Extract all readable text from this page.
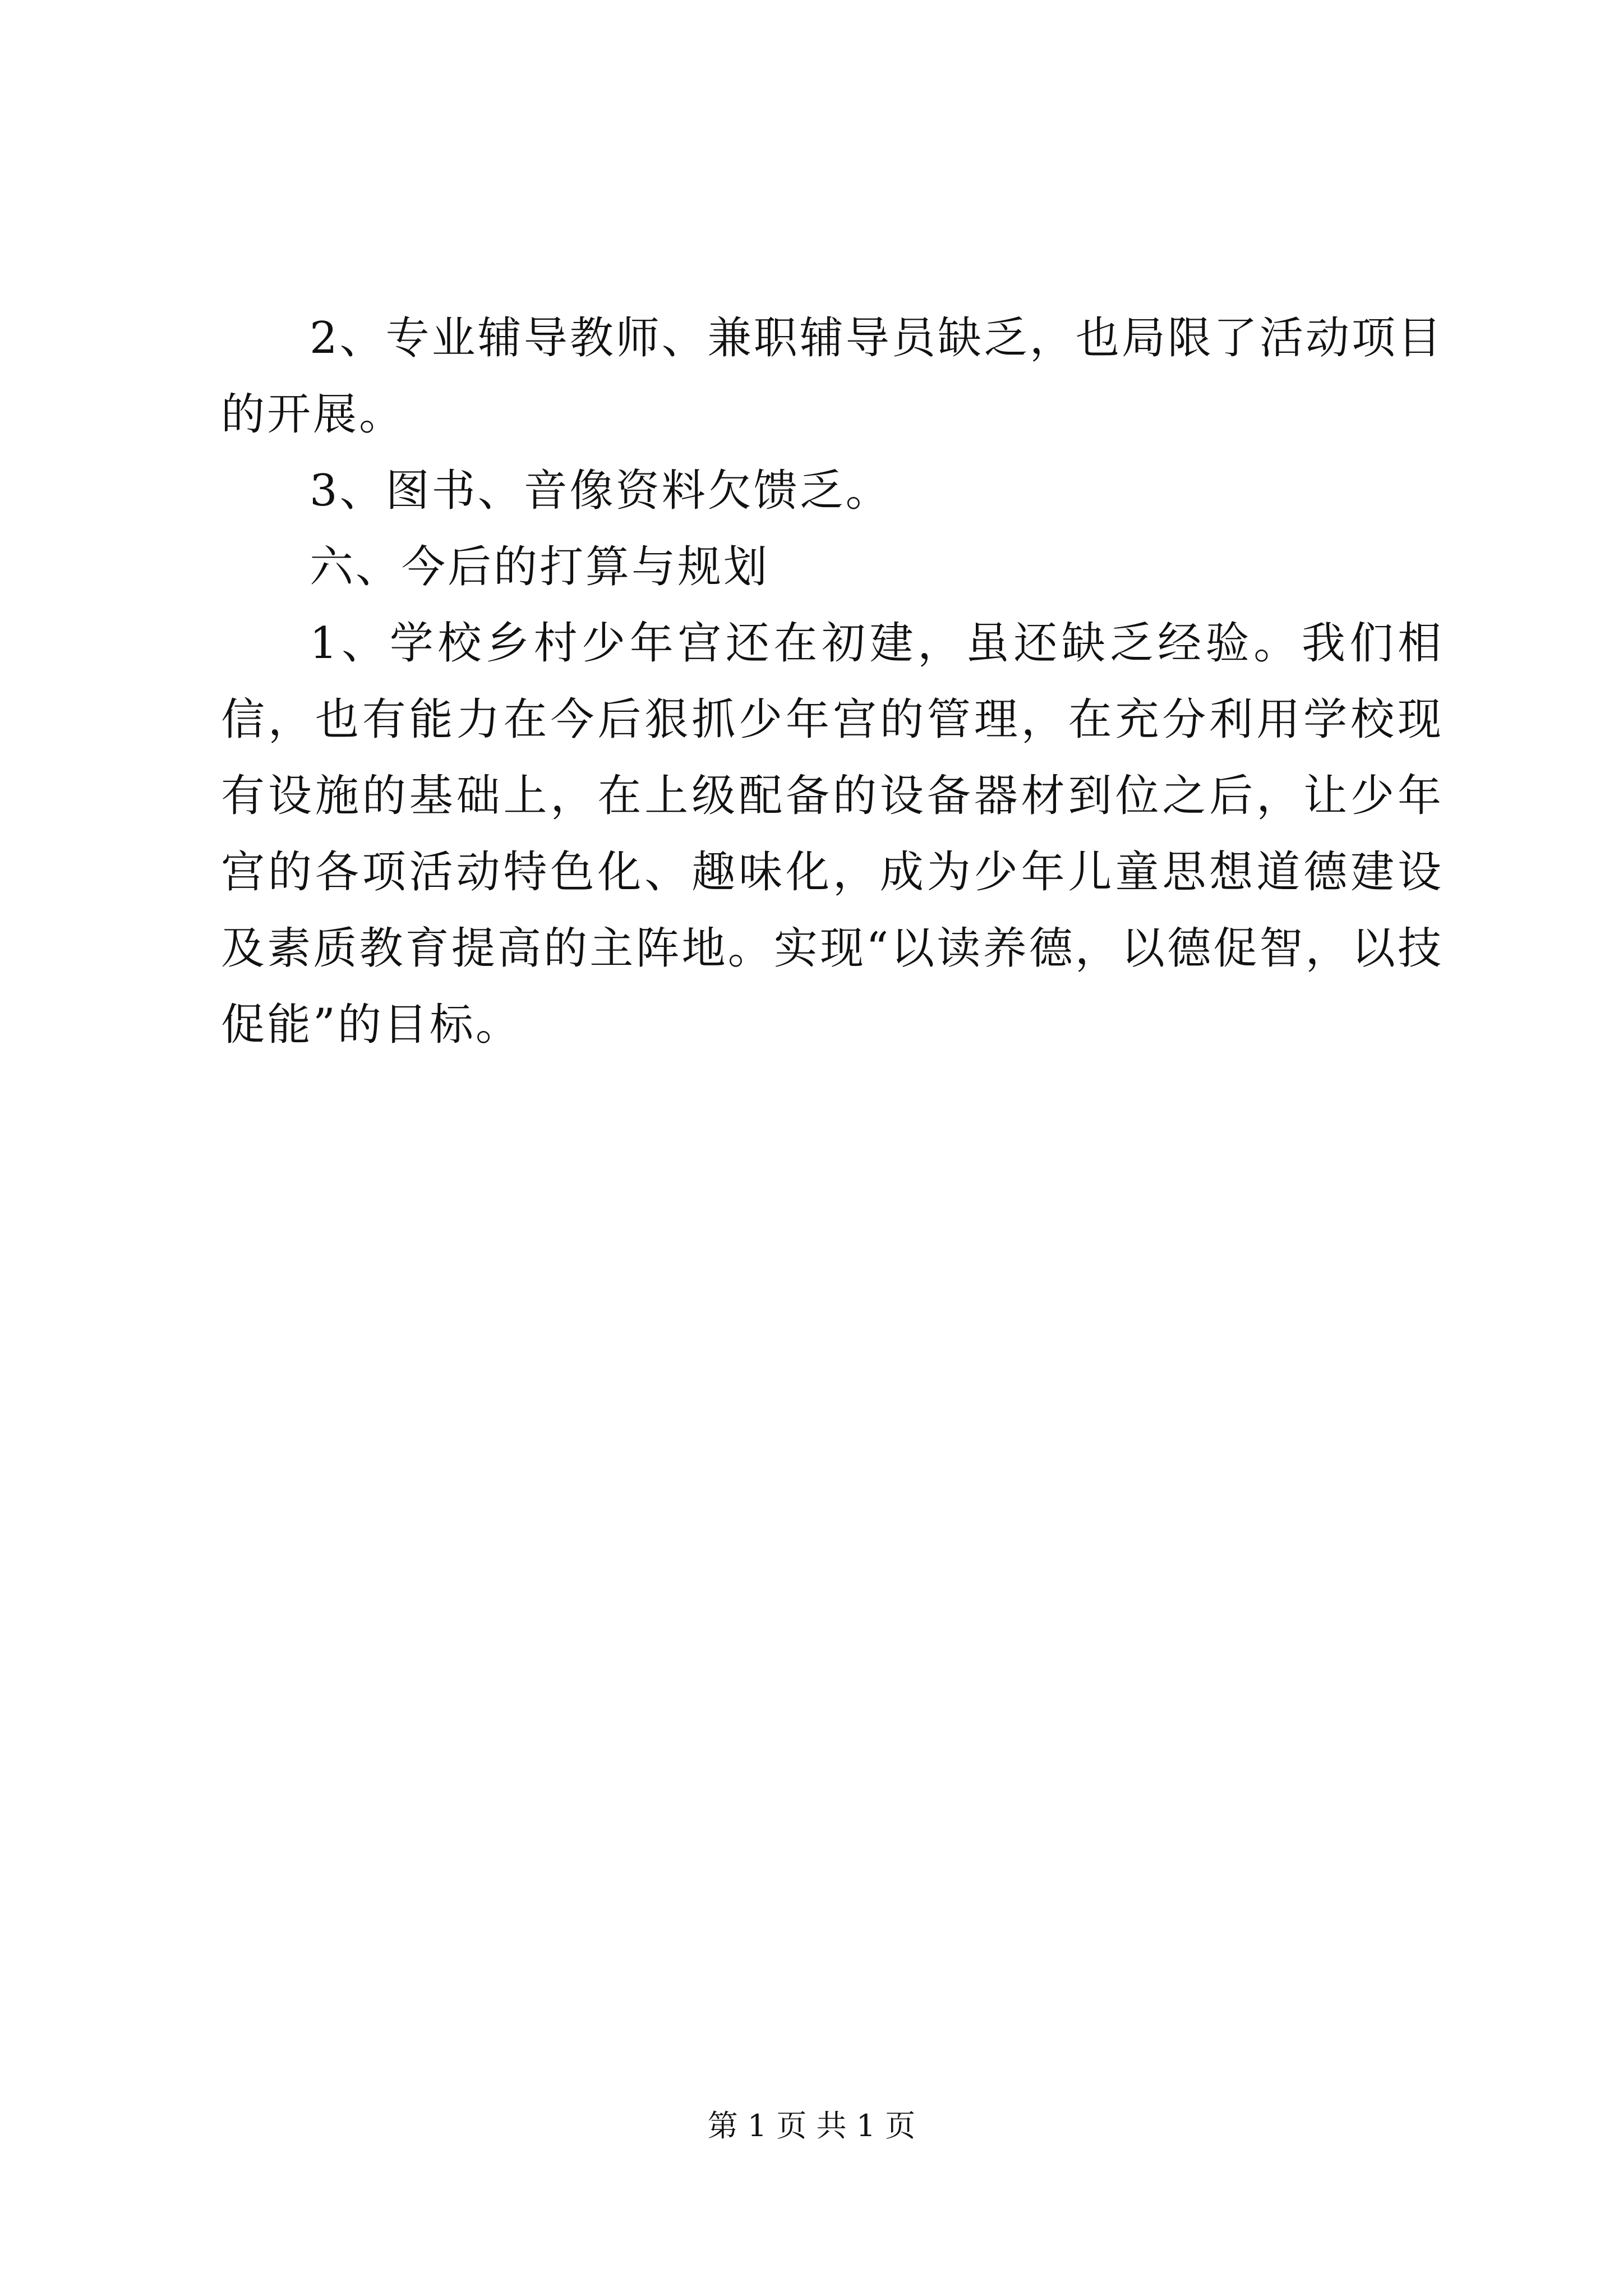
2、专业辅导教师、兼职辅导员缺乏，也局限了活动项目的开展。

3、图书、音像资料欠馈乏。

六、今后的打算与规划

1、学校乡村少年宫还在初建，虽还缺乏经验。我们相信，也有能力在今后狠抓少年宫的管理，在充分利用学校现有设施的基础上，在上级配备的设备器材到位之后，让少年宫的各项活动特色化、趣味化，成为少年儿童思想道德建设及素质教育提高的主阵地。实现“以读养德，以德促智，以技促能”的目标。

第 1 页 共 1 页
